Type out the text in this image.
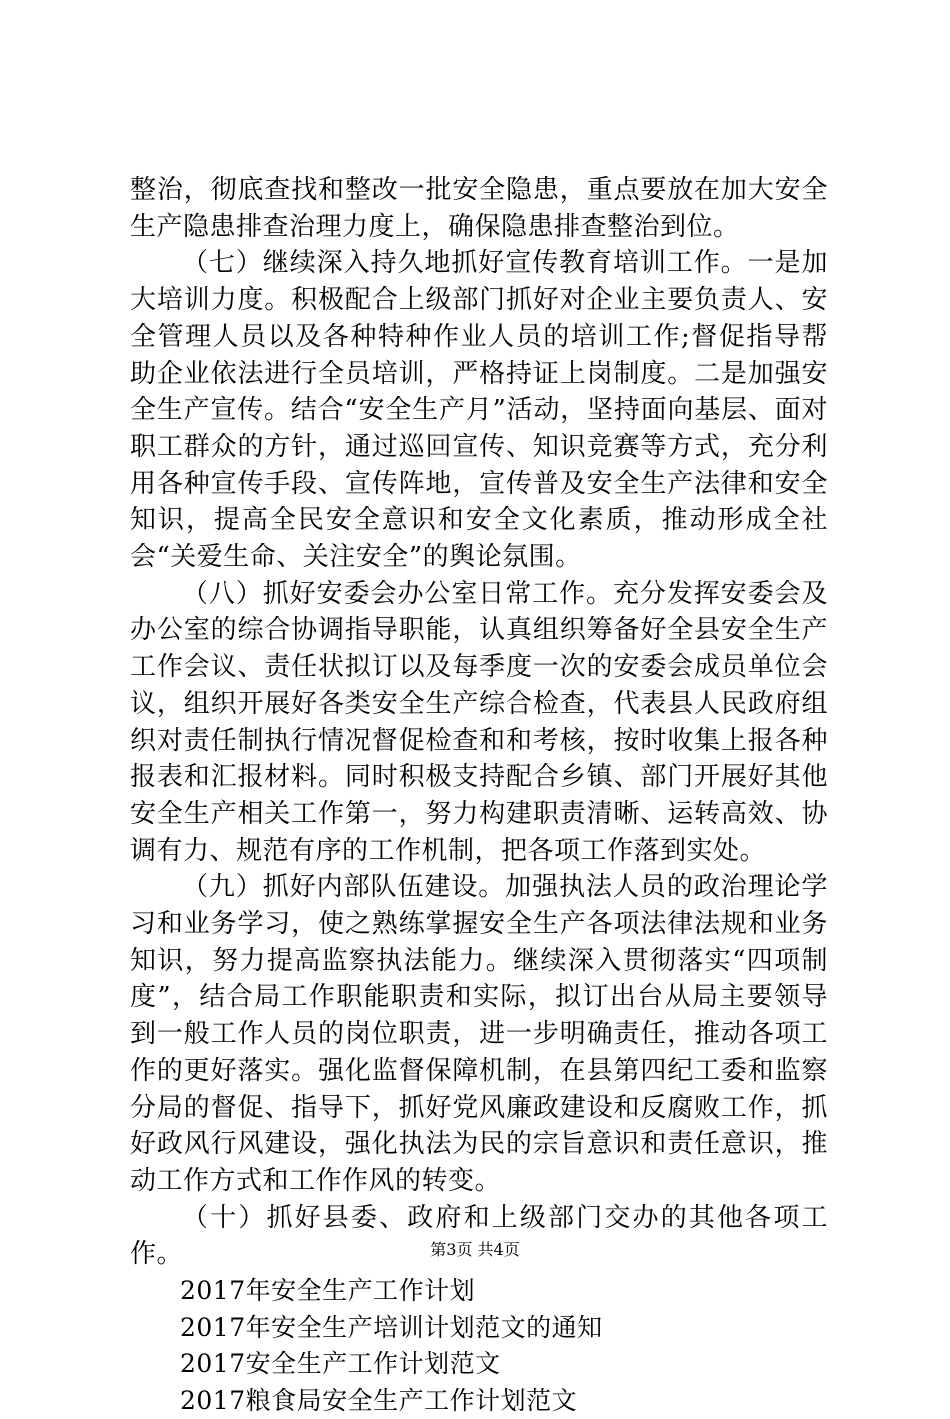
整治，彻底查找和整改一批安全隐患，重点要放在加大安全生产隐患排查治理力度上，确保隐患排查整治到位。

（七）继续深入持久地抓好宣传教育培训工作。一是加大培训力度。积极配合上级部门抓好对企业主要负责人、安全管理人员以及各种特种作业人员的培训工作;督促指导帮助企业依法进行全员培训，严格持证上岗制度。二是加强安全生产宣传。结合“安全生产月”活动，坚持面向基层、面对职工群众的方针，通过巡回宣传、知识竞赛等方式，充分利用各种宣传手段、宣传阵地，宣传普及安全生产法律和安全知识，提高全民安全意识和安全文化素质，推动形成全社会“关爱生命、关注安全”的舆论氛围。

（八）抓好安委会办公室日常工作。充分发挥安委会及办公室的综合协调指导职能，认真组织筹备好全县安全生产工作会议、责任状拟订以及每季度一次的安委会成员单位会议，组织开展好各类安全生产综合检查，代表县人民政府组织对责任制执行情况督促检查和和考核，按时收集上报各种报表和汇报材料。同时积极支持配合乡镇、部门开展好其他安全生产相关工作第一，努力构建职责清晰、运转高效、协调有力、规范有序的工作机制，把各项工作落到实处。

（九）抓好内部队伍建设。加强执法人员的政治理论学习和业务学习，使之熟练掌握安全生产各项法律法规和业务知识，努力提高监察执法能力。继续深入贯彻落实“四项制度”，结合局工作职能职责和实际，拟订出台从局主要领导到一般工作人员的岗位职责，进一步明确责任，推动各项工作的更好落实。强化监督保障机制，在县第四纪工委和监察分局的督促、指导下，抓好党风廉政建设和反腐败工作，抓好政风行风建设，强化执法为民的宗旨意识和责任意识，推动工作方式和工作作风的转变。

（十）抓好县委、政府和上级部门交办的其他各项工作。

2017年安全生产工作计划

2017年安全生产培训计划范文的通知

2017安全生产工作计划范文

2017粮食局安全生产工作计划范文

第3页 共4页
